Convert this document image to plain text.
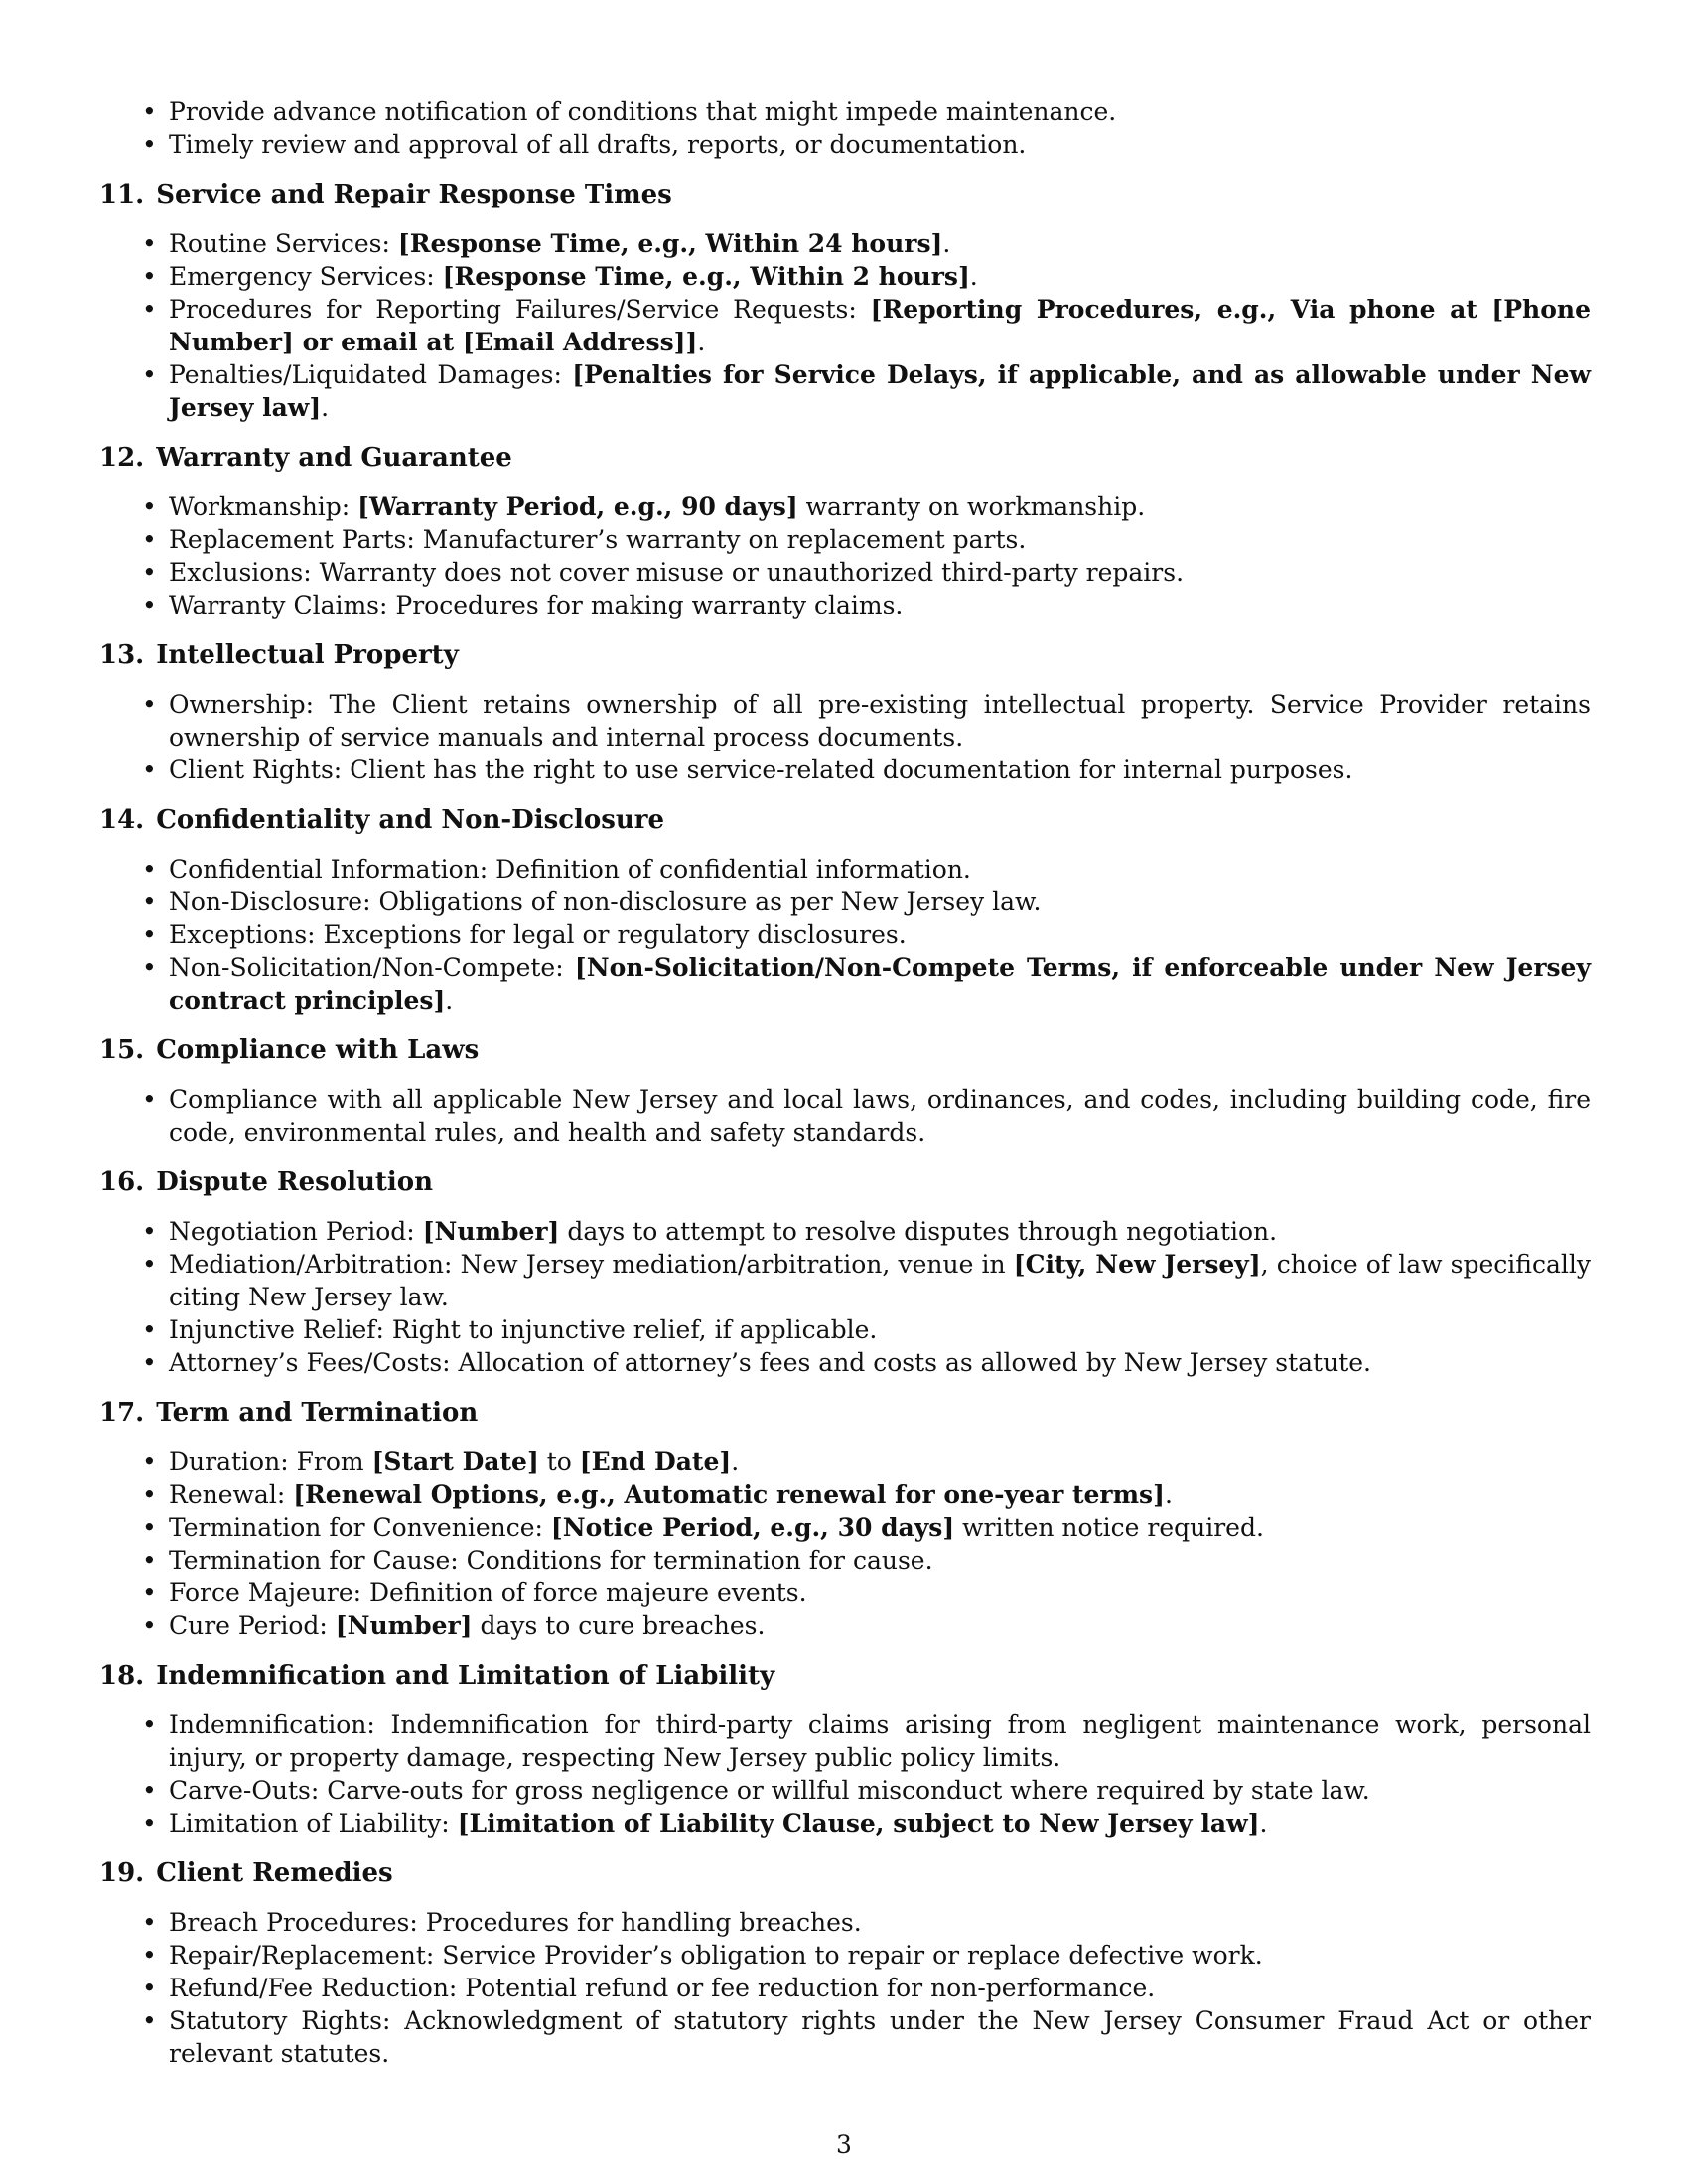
• Provide advance notification of conditions that might impede maintenance.
• Timely review and approval of all drafts, reports, or documentation.
11. Service and Repair Response Times
• Routine Services: [Response Time, e.g., Within 24 hours].
• Emergency Services: [Response Time, e.g., Within 2 hours].
• Procedures for Reporting Failures/Service Requests: [Reporting Procedures, e.g., Via phone at [Phone Number] or email at [Email Address]].
• Penalties/Liquidated Damages: [Penalties for Service Delays, if applicable, and as allowable under New Jersey law].
12. Warranty and Guarantee
• Workmanship: [Warranty Period, e.g., 90 days] warranty on workmanship.
• Replacement Parts: Manufacturer’s warranty on replacement parts.
• Exclusions: Warranty does not cover misuse or unauthorized third-party repairs.
• Warranty Claims: Procedures for making warranty claims.
13. Intellectual Property
• Ownership: The Client retains ownership of all pre-existing intellectual property. Service Provider retains ownership of service manuals and internal process documents.
• Client Rights: Client has the right to use service-related documentation for internal purposes.
14. Confidentiality and Non-Disclosure
• Confidential Information: Definition of confidential information.
• Non-Disclosure: Obligations of non-disclosure as per New Jersey law.
• Exceptions: Exceptions for legal or regulatory disclosures.
• Non-Solicitation/Non-Compete: [Non-Solicitation/Non-Compete Terms, if enforceable under New Jersey contract principles].
15. Compliance with Laws
• Compliance with all applicable New Jersey and local laws, ordinances, and codes, including building code, fire code, environmental rules, and health and safety standards.
16. Dispute Resolution
• Negotiation Period: [Number] days to attempt to resolve disputes through negotiation.
• Mediation/Arbitration: New Jersey mediation/arbitration, venue in [City, New Jersey], choice of law specifically citing New Jersey law.
• Injunctive Relief: Right to injunctive relief, if applicable.
• Attorney’s Fees/Costs: Allocation of attorney’s fees and costs as allowed by New Jersey statute.
17. Term and Termination
• Duration: From [Start Date] to [End Date].
• Renewal: [Renewal Options, e.g., Automatic renewal for one-year terms].
• Termination for Convenience: [Notice Period, e.g., 30 days] written notice required.
• Termination for Cause: Conditions for termination for cause.
• Force Majeure: Definition of force majeure events.
• Cure Period: [Number] days to cure breaches.
18. Indemnification and Limitation of Liability
• Indemnification: Indemnification for third-party claims arising from negligent maintenance work, personal injury, or property damage, respecting New Jersey public policy limits.
• Carve-Outs: Carve-outs for gross negligence or willful misconduct where required by state law.
• Limitation of Liability: [Limitation of Liability Clause, subject to New Jersey law].
19. Client Remedies
• Breach Procedures: Procedures for handling breaches.
• Repair/Replacement: Service Provider’s obligation to repair or replace defective work.
• Refund/Fee Reduction: Potential refund or fee reduction for non-performance.
• Statutory Rights: Acknowledgment of statutory rights under the New Jersey Consumer Fraud Act or other relevant statutes.
3
